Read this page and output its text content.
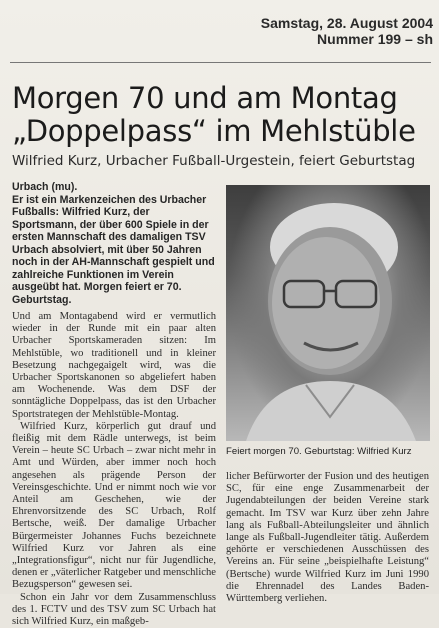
Samstag, 28. August 2004
Nummer 199 – sh
Morgen 70 und am Montag
„Doppelpass“ im Mehlstüble
Wilfried Kurz, Urbacher Fußball-Urgestein, feiert Geburtstag
Urbach (mu).
Er ist ein Markenzeichen des Urbacher Fußballs: Wilfried Kurz, der Sportsmann, der über 600 Spiele in der ersten Mannschaft des damaligen TSV Urbach absolviert, mit über 50 Jahren noch in der AH-Mannschaft gespielt und zahlreiche Funktionen im Verein ausgeübt hat. Morgen feiert er 70. Geburtstag.

Und am Montagabend wird er vermutlich wieder in der Runde mit ein paar alten Urbacher Sportskameraden sitzen: Im Mehlstüble, wo traditionell und in kleiner Besetzung nachgegaigelt wird, was die Urbacher Sportskanonen so abgeliefert haben am Wochenende. Was dem DSF der sonntägliche Doppelpass, das ist den Urbacher Sportstrategen der Mehlstüble-Montag.

Wilfried Kurz, körperlich gut drauf und fleißig mit dem Rädle unterwegs, ist beim Verein – heute SC Urbach – zwar nicht mehr in Amt und Würden, aber immer noch hoch angesehen als prägende Person der Vereinsgeschichte. Und er nimmt noch wie vor Anteil am Geschehen, wie der Ehrenvorsitzende des SC Urbach, Rolf Bertsche, weiß. Der damalige Urbacher Bürgermeister Johannes Fuchs bezeichnete Wilfried Kurz vor Jahren als eine „Integrationsfigur“, nicht nur für Jugendliche, denen er „väterlicher Ratgeber und menschliche Bezugsperson“ gewesen sei.

Schon ein Jahr vor dem Zusammenschluss des 1. FCTV und des TSV zum SC Urbach hat sich Wilfried Kurz, ein maßgeb-

Feiert morgen 70. Geburtstag: Wilfried Kurz

licher Befürworter der Fusion und des heutigen SC, für eine enge Zusammenarbeit der Jugendabteilungen der beiden Vereine stark gemacht. Im TSV war Kurz über zehn Jahre lang als Fußball-Abteilungsleiter und ähnlich lange als Fußball-Jugendleiter tätig. Außerdem gehörte er verschiedenen Ausschüssen des Vereins an. Für seine „beispielhafte Leistung“ (Bertsche) wurde Wilfried Kurz im Juni 1990 die Ehrennadel des Landes Baden-Württemberg verliehen.
